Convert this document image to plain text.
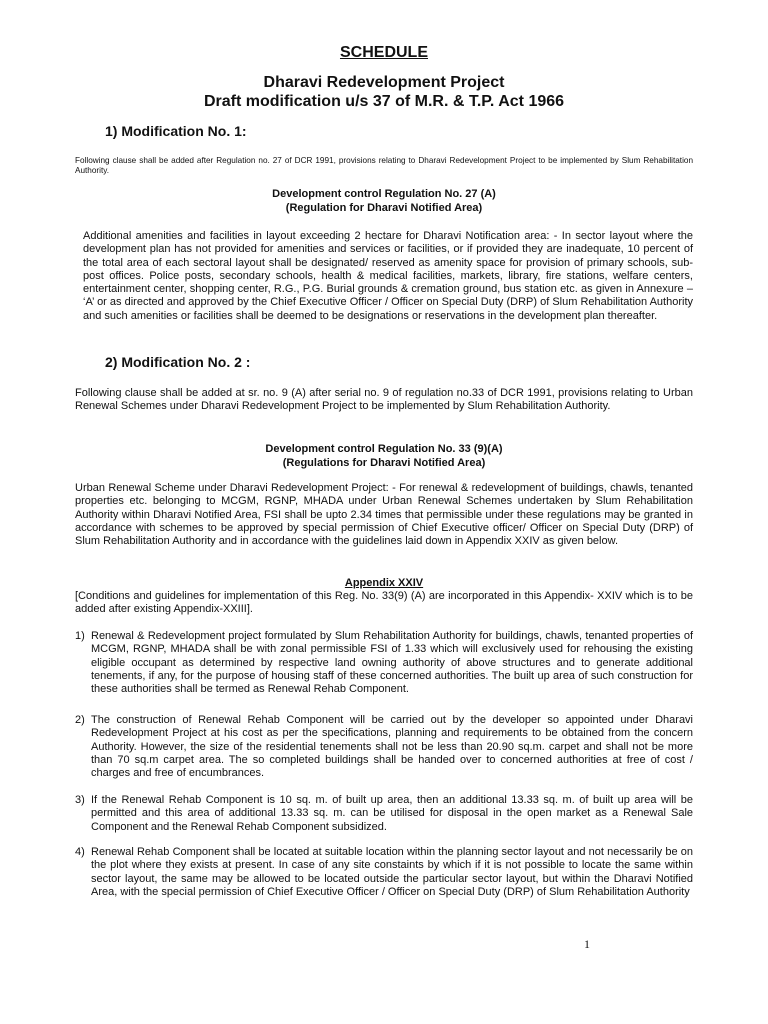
SCHEDULE
Dharavi Redevelopment Project
Draft modification u/s 37 of M.R. & T.P. Act 1966
1) Modification No. 1:
Following clause shall be added after Regulation no. 27 of DCR 1991, provisions relating to Dharavi Redevelopment Project to be implemented by Slum Rehabilitation Authority.
Development control Regulation No. 27 (A)
(Regulation for Dharavi Notified Area)
Additional amenities and facilities in layout exceeding 2 hectare for Dharavi Notification area: - In sector layout where the development plan has not provided for amenities and services or facilities, or if provided they are inadequate, 10 percent of the total area of each sectoral layout shall be designated/ reserved as amenity space for provision of primary schools, sub-post offices. Police posts, secondary schools, health & medical facilities, markets, library, fire stations, welfare centers, entertainment center, shopping center, R.G., P.G. Burial grounds & cremation ground, bus station etc. as given in Annexure – ‘A’ or as directed and approved by the Chief Executive Officer / Officer on Special Duty (DRP) of Slum Rehabilitation Authority and such amenities or facilities shall be deemed to be designations or reservations in the development plan thereafter.
2) Modification No. 2 :
Following clause shall be added at sr. no. 9 (A) after serial no. 9 of regulation no.33 of DCR 1991, provisions relating to Urban Renewal Schemes under Dharavi Redevelopment Project to be implemented by Slum Rehabilitation Authority.
Development control Regulation No. 33 (9)(A)
(Regulations for Dharavi Notified Area)
Urban Renewal Scheme under Dharavi Redevelopment Project: - For renewal & redevelopment of buildings, chawls, tenanted properties etc. belonging to MCGM, RGNP, MHADA under Urban Renewal Schemes undertaken by Slum Rehabilitation Authority within Dharavi Notified Area, FSI shall be upto 2.34 times that permissible under these regulations may be granted in accordance with schemes to be approved by special permission of Chief Executive officer/ Officer on Special Duty (DRP) of Slum Rehabilitation Authority and in accordance with the guidelines laid down in Appendix XXIV as given below.
Appendix XXIV
[Conditions and guidelines for implementation of this Reg. No. 33(9) (A) are incorporated in this Appendix- XXIV which is to be added after existing Appendix-XXIII].
1) Renewal & Redevelopment project formulated by Slum Rehabilitation Authority for buildings, chawls, tenanted properties of MCGM, RGNP, MHADA shall be with zonal permissible FSI of 1.33 which will exclusively used for rehousing the existing eligible occupant as determined by respective land owning authority of above structures and to generate additional tenements, if any, for the purpose of housing staff of these concerned authorities. The built up area of such construction for these authorities shall be termed as Renewal Rehab Component.
2) The construction of Renewal Rehab Component will be carried out by the developer so appointed under Dharavi Redevelopment Project at his cost as per the specifications, planning and requirements to be obtained from the concern Authority. However, the size of the residential tenements shall not be less than 20.90 sq.m. carpet and shall not be more than 70 sq.m carpet area. The so completed buildings shall be handed over to concerned authorities at free of cost / charges and free of encumbrances.
3) If the Renewal Rehab Component is 10 sq. m. of built up area, then an additional 13.33 sq. m. of built up area will be permitted and this area of additional 13.33 sq. m. can be utilised for disposal in the open market as a Renewal Sale Component and the Renewal Rehab Component subsidized.
4) Renewal Rehab Component shall be located at suitable location within the planning sector layout and not necessarily be on the plot where they exists at present. In case of any site constaints by which if it is not possible to locate the same within sector layout, the same may be allowed to be located outside the particular sector layout, but within the Dharavi Notified Area, with the special permission of Chief Executive Officer / Officer on Special Duty (DRP) of Slum Rehabilitation Authority
1
